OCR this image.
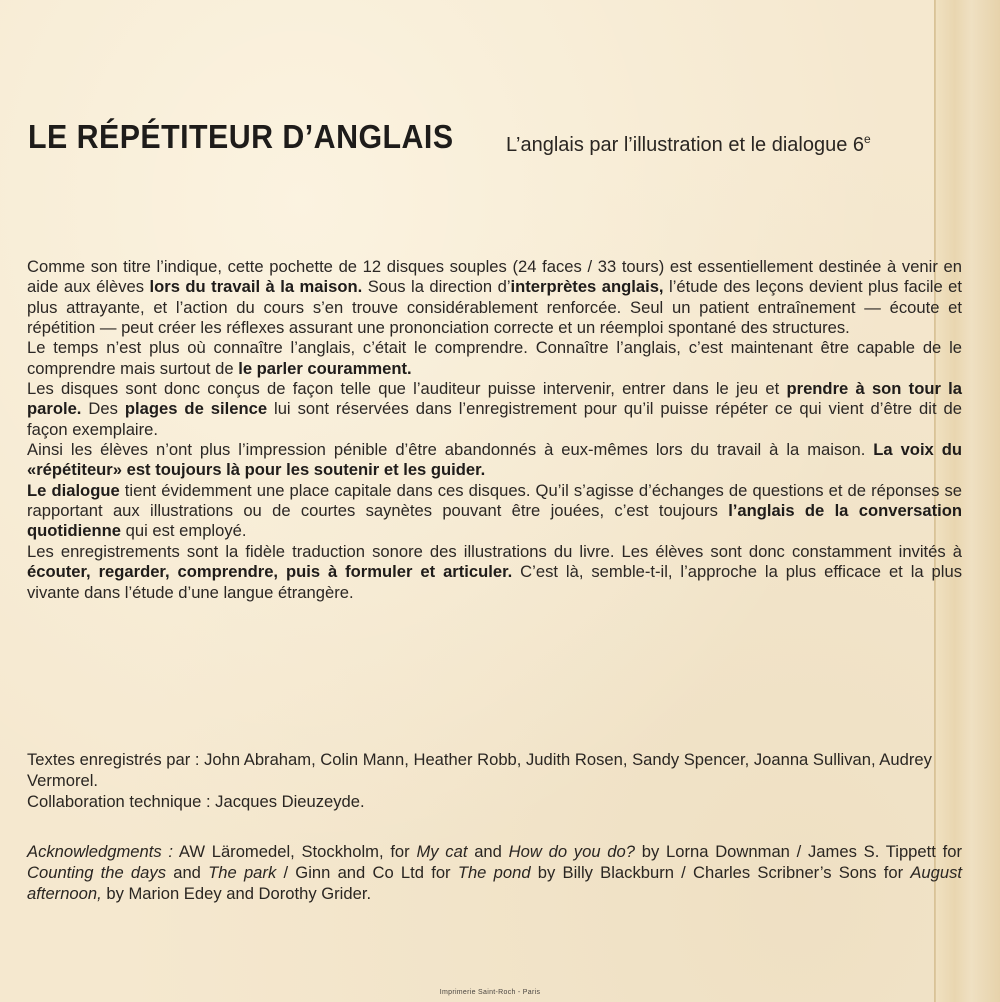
LE RÉPÉTITEUR D’ANGLAIS	L’anglais par l’illustration et le dialogue 6e

Comme son titre l’indique, cette pochette de 12 disques souples (24 faces / 33 tours) est essentiellement destinée à venir en aide aux élèves lors du travail à la maison. Sous la direction d’interprètes anglais, l’étude des leçons devient plus facile et plus attrayante, et l’action du cours s’en trouve considérablement renforcée. Seul un patient entraînement — écoute et répétition — peut créer les réflexes assurant une prononciation correcte et un réemploi spontané des structures.

Le temps n’est plus où connaître l’anglais, c’était le comprendre. Connaître l’anglais, c’est maintenant être capable de le comprendre mais surtout de le parler couramment.

Les disques sont donc conçus de façon telle que l’auditeur puisse intervenir, entrer dans le jeu et prendre à son tour la parole. Des plages de silence lui sont réservées dans l’enregistrement pour qu’il puisse répéter ce qui vient d’être dit de façon exemplaire.

Ainsi les élèves n’ont plus l’impression pénible d’être abandonnés à eux-mêmes lors du travail à la maison. La voix du «répétiteur» est toujours là pour les soutenir et les guider.

Le dialogue tient évidemment une place capitale dans ces disques. Qu’il s’agisse d’échanges de questions et de réponses se rapportant aux illustrations ou de courtes saynètes pouvant être jouées, c’est toujours l’anglais de la conversation quotidienne qui est employé.

Les enregistrements sont la fidèle traduction sonore des illustrations du livre. Les élèves sont donc constamment invités à écouter, regarder, comprendre, puis à formuler et articuler. C’est là, semble-t-il, l’approche la plus efficace et la plus vivante dans l’étude d’une langue étrangère.

Textes enregistrés par : John Abraham, Colin Mann, Heather Robb, Judith Rosen, Sandy Spencer, Joanna Sullivan, Audrey Vermorel.

Collaboration technique : Jacques Dieuzeyde.

Acknowledgments : AW Läromedel, Stockholm, for My cat and How do you do? by Lorna Downman / James S. Tippett for Counting the days and The park / Ginn and Co Ltd for The pond by Billy Blackburn / Charles Scribner’s Sons for August afternoon, by Marion Edey and Dorothy Grider.

Imprimerie Saint-Roch - Paris
